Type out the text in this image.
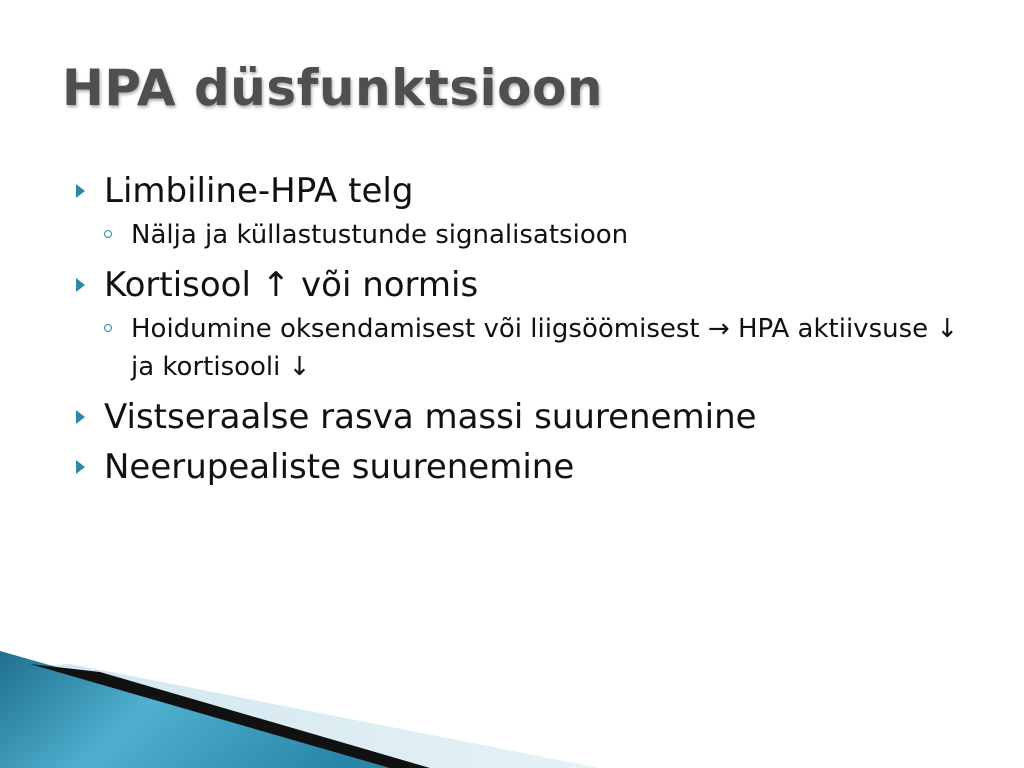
HPA düsfunktsioon
Limbiline-HPA telg
Nälja ja küllastustunde signalisatsioon
Kortisool ↑ või normis
Hoidumine oksendamisest või liigsöömisest → HPA aktiivsuse ↓ ja kortisooli ↓
Vistseraalse rasva massi suurenemine
Neerupealiste suurenemine
